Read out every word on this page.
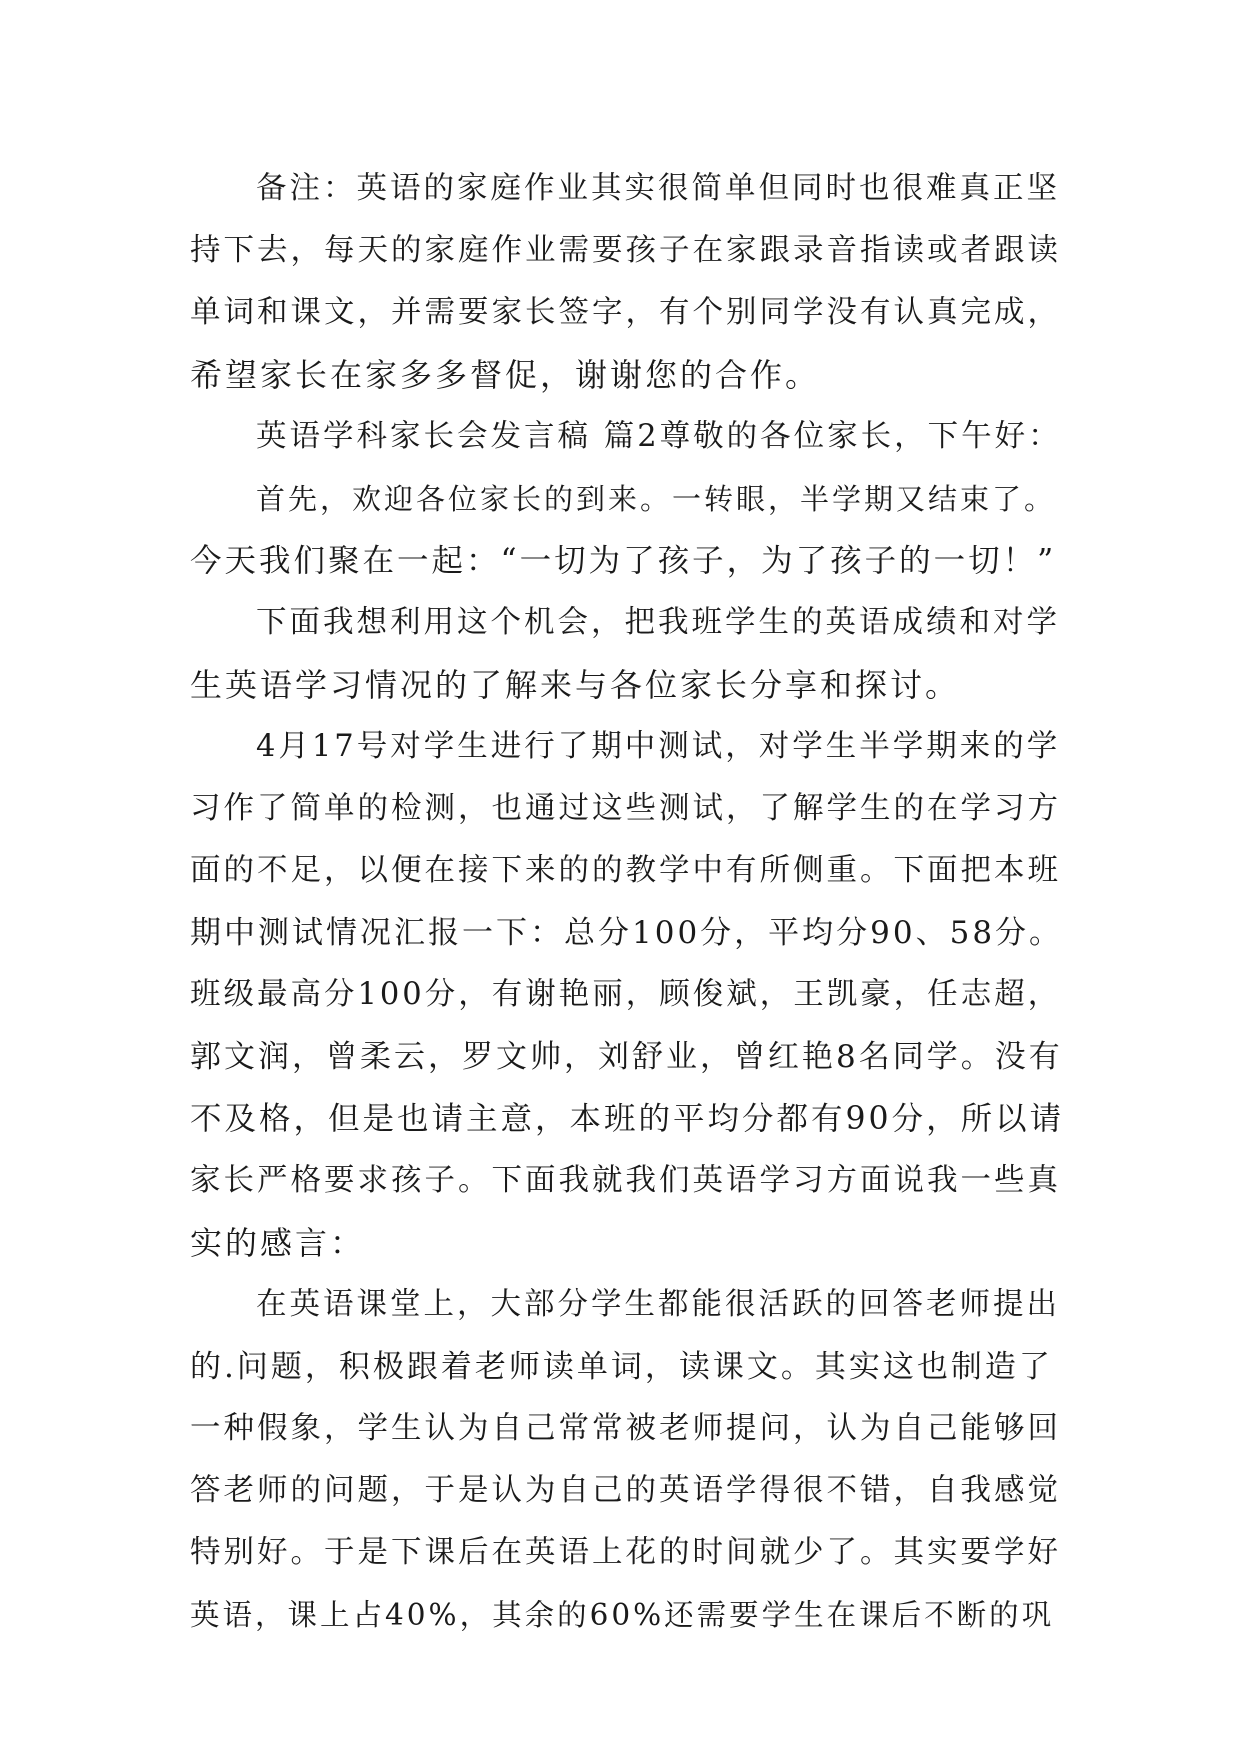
备注：英语的家庭作业其实很简单但同时也很难真正坚
持下去，每天的家庭作业需要孩子在家跟录音指读或者跟读
单词和课文，并需要家长签字，有个别同学没有认真完成，
希望家长在家多多督促，谢谢您的合作。
英语学科家长会发言稿 篇2尊敬的各位家长，下午好：
首先，欢迎各位家长的到来。一转眼，半学期又结束了。
今天我们聚在一起：“一切为了孩子，为了孩子的一切！”
下面我想利用这个机会，把我班学生的英语成绩和对学
生英语学习情况的了解来与各位家长分享和探讨。
4月17号对学生进行了期中测试，对学生半学期来的学
习作了简单的检测，也通过这些测试，了解学生的在学习方
面的不足，以便在接下来的的教学中有所侧重。下面把本班
期中测试情况汇报一下：总分100分，平均分90、58分。
班级最高分100分，有谢艳丽，顾俊斌，王凯豪，任志超，
郭文润，曾柔云，罗文帅，刘舒业，曾红艳8名同学。没有
不及格，但是也请主意，本班的平均分都有90分，所以请
家长严格要求孩子。下面我就我们英语学习方面说我一些真
实的感言：
在英语课堂上，大部分学生都能很活跃的回答老师提出
的.问题，积极跟着老师读单词，读课文。其实这也制造了
一种假象，学生认为自己常常被老师提问，认为自己能够回
答老师的问题，于是认为自己的英语学得很不错，自我感觉
特别好。于是下课后在英语上花的时间就少了。其实要学好
英语，课上占40%，其余的60%还需要学生在课后不断的巩
